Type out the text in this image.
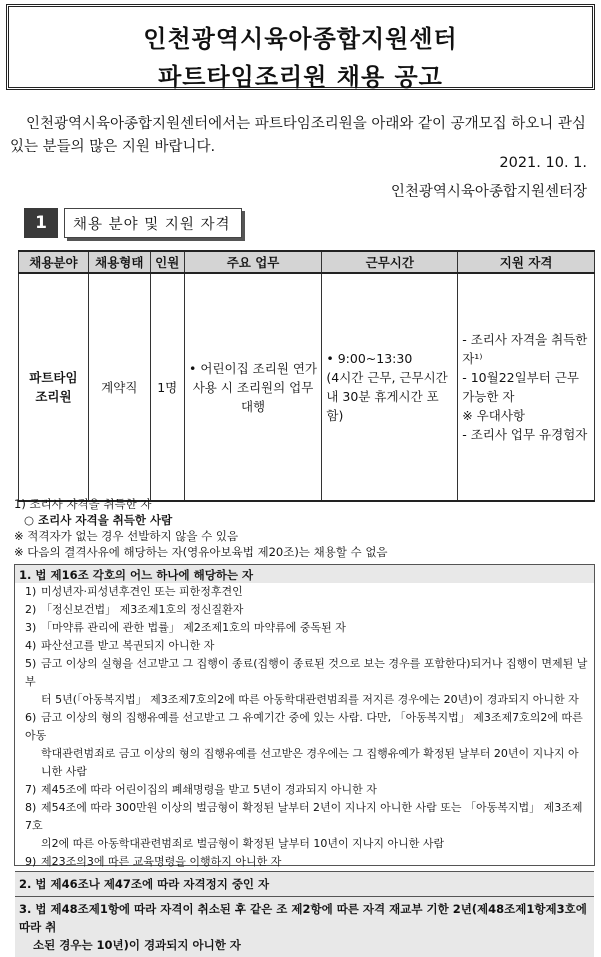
인천광역시육아종합지원센터
파트타임조리원 채용 공고
인천광역시육아종합지원센터에서는 파트타임조리원을 아래와 같이 공개모집 하오니 관심 있는 분들의 많은 지원 바랍니다.
2021. 10. 1.
인천광역시육아종합지원센터장
1	채용 분야 및 지원 자격
채용분야	채용형태	인원	주요 업무	근무시간	지원 자격
파트타임
조리원	계약직	1명	• 어린이집 조리원 연가 사용 시 조리원의 업무 대행	• 9:00~13:30
(4시간 근무, 근무시간 내 30분 휴게시간 포함)	- 조리사 자격을 취득한 자¹⁾
- 10월22일부터 근무가능한 자
※ 우대사항
- 조리사 업무 유경험자
1) 조리사 자격을 취득한 자
○ 조리사 자격을 취득한 사람
※ 적격자가 없는 경우 선발하지 않을 수 있음
※ 다음의 결격사유에 해당하는 자(영유아보육법 제20조)는 채용할 수 없음
1. 법 제16조 각호의 어느 하나에 해당하는 자
1) 미성년자·피성년후견인 또는 피한정후견인
2) 「정신보건법」 제3조제1호의 정신질환자
3) 「마약류 관리에 관한 법률」 제2조제1호의 마약류에 중독된 자
4) 파산선고를 받고 복권되지 아니한 자
5) 금고 이상의 실형을 선고받고 그 집행이 종료(집행이 종료된 것으로 보는 경우를 포함한다)되거나 집행이 면제된 날부
터 5년(「아동복지법」 제3조제7호의2에 따른 아동학대관련범죄를 저지른 경우에는 20년)이 경과되지 아니한 자
6) 금고 이상의 형의 집행유예를 선고받고 그 유예기간 중에 있는 사람. 다만, 「아동복지법」 제3조제7호의2에 따른 아동
학대관련범죄로 금고 이상의 형의 집행유예를 선고받은 경우에는 그 집행유예가 확정된 날부터 20년이 지나지 아
니한 사람
7) 제45조에 따라 어린이집의 폐쇄명령을 받고 5년이 경과되지 아니한 자
8) 제54조에 따라 300만원 이상의 벌금형이 확정된 날부터 2년이 지나지 아니한 사람 또는 「아동복지법」 제3조제7호
의2에 따른 아동학대관련범죄로 벌금형이 확정된 날부터 10년이 지나지 아니한 사람
9) 제23조의3에 따른 교육명령을 이행하지 아니한 자
2. 법 제46조나 제47조에 따라 자격정지 중인 자
3. 법 제48조제1항에 따라 자격이 취소된 후 같은 조 제2항에 따른 자격 재교부 기한 2년(제48조제1항제3호에 따라 취
소된 경우는 10년)이 경과되지 아니한 자
